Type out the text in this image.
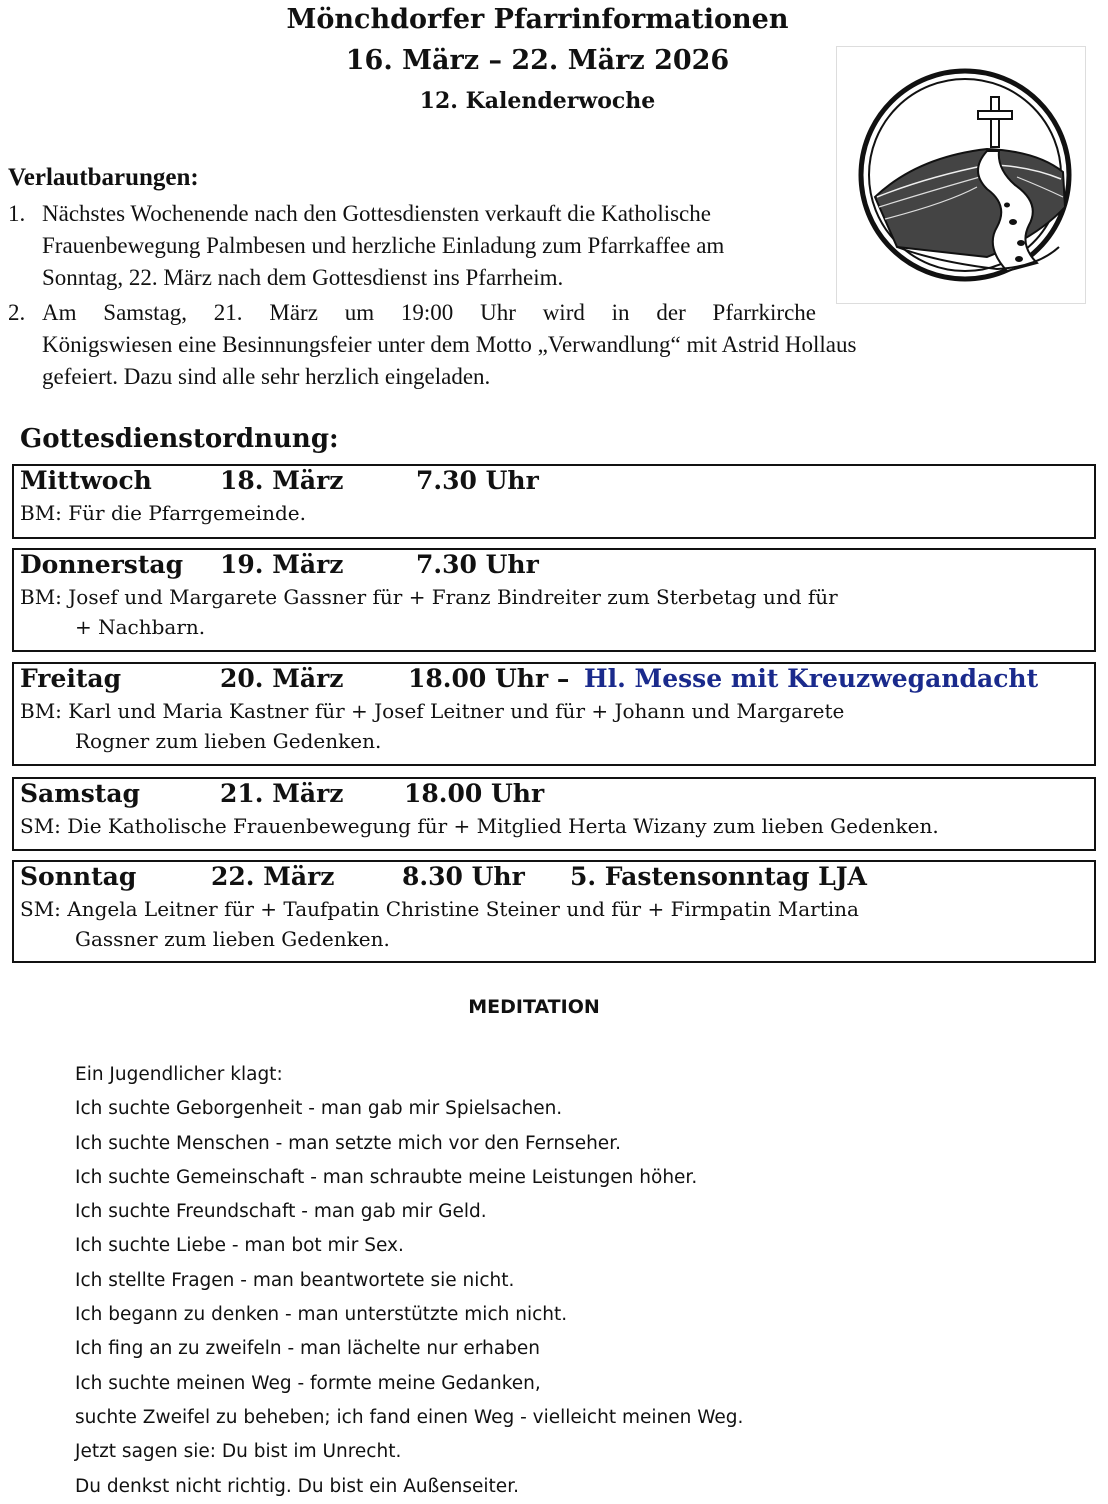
Mönchdorfer Pfarrinformationen
16. März – 22. März 2026
12. Kalenderwoche
Verlautbarungen:
1. Nächstes Wochenende nach den Gottesdiensten verkauft die Katholische
Frauenbewegung Palmbesen und herzliche Einladung zum Pfarrkaffee am
Sonntag, 22. März nach dem Gottesdienst ins Pfarrheim.
2. Am Samstag, 21. März um 19:00 Uhr wird in der Pfarrkirche
Königswiesen eine Besinnungsfeier unter dem Motto „Verwandlung“ mit Astrid Hollaus
gefeiert. Dazu sind alle sehr herzlich eingeladen.
Gottesdienstordnung:
Mittwoch	18. März	7.30 Uhr
BM: Für die Pfarrgemeinde.
Donnerstag 19. März	7.30 Uhr
BM: Josef und Margarete Gassner für + Franz Bindreiter zum Sterbetag und für
+ Nachbarn.
Freitag	20. März	18.00 Uhr – Hl. Messe mit Kreuzwegandacht
BM: Karl und Maria Kastner für + Josef Leitner und für + Johann und Margarete
Rogner zum lieben Gedenken.
Samstag	21. März 18.00 Uhr
SM: Die Katholische Frauenbewegung für + Mitglied Herta Wizany zum lieben Gedenken.
Sonntag	22. März	8.30 Uhr 5. Fastensonntag LJA
SM: Angela Leitner für + Taufpatin Christine Steiner und für + Firmpatin Martina
Gassner zum lieben Gedenken.
MEDITATION
Ein Jugendlicher klagt:
Ich suchte Geborgenheit - man gab mir Spielsachen.
Ich suchte Menschen - man setzte mich vor den Fernseher.
Ich suchte Gemeinschaft - man schraubte meine Leistungen höher.
Ich suchte Freundschaft - man gab mir Geld.
Ich suchte Liebe - man bot mir Sex.
Ich stellte Fragen - man beantwortete sie nicht.
Ich begann zu denken - man unterstützte mich nicht.
Ich fing an zu zweifeln - man lächelte nur erhaben
Ich suchte meinen Weg - formte meine Gedanken,
suchte Zweifel zu beheben; ich fand einen Weg - vielleicht meinen Weg.
Jetzt sagen sie: Du bist im Unrecht.
Du denkst nicht richtig. Du bist ein Außenseiter.
